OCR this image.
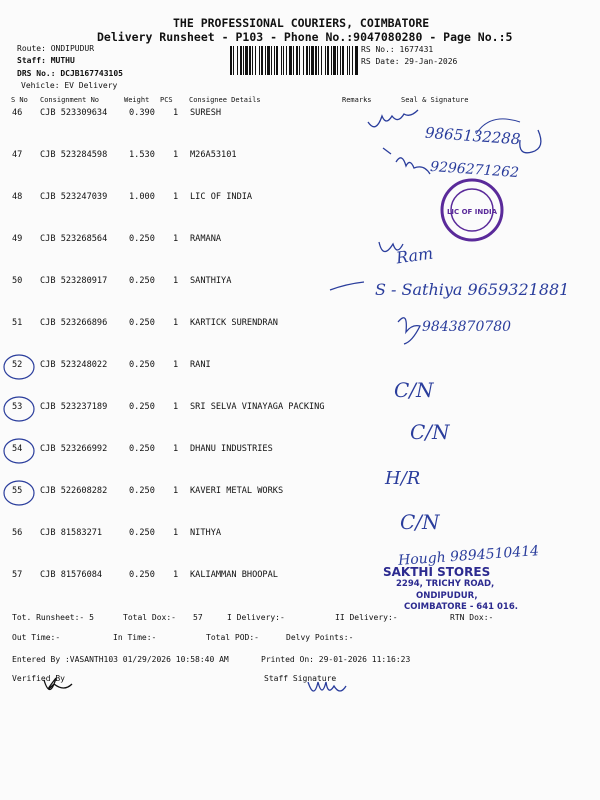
THE PROFESSIONAL COURIERS, COIMBATORE
Delivery Runsheet - P103 - Phone No.:9047080280 - Page No.:5
Route: ONDIPUDUR
Staff: MUTHU
DRS No.: DCJB167743105
Vehicle: EV Delivery
RS No.: 1677431
RS Date: 29-Jan-2026
S No Consignment No	Weight PCS Consignee Details	Remarks	Seal & Signature
46 CJB 523309634	0.390 1 SURESH
47 CJB 523284598	1.530 1 M26A53101
48 CJB 523247039	1.000 1 LIC OF INDIA
49 CJB 523268564	0.250 1 RAMANA
50 CJB 523280917	0.250 1 SANTHIYA
51 CJB 523266896	0.250 1 KARTICK SURENDRAN
52 CJB 523248022	0.250 1 RANI
53 CJB 523237189	0.250 1 SRI SELVA VINAYAGA PACKING
54 CJB 523266992	0.250 1 DHANU INDUSTRIES
55 CJB 522608282	0.250 1 KAVERI METAL WORKS
56 CJB 81583271	0.250 1 NITHYA
57 CJB 81576084	0.250 1 KALIAMMAN BHOOPAL
9865132288
9296271262
Ram
S - Sathiya 9659321881
9843870780
C/N
C/N
H/R
C/N
Hough 9894510414
LIC OF INDIA
SAKTHI STORES
2294, TRICHY ROAD,
ONDIPUDUR,
COIMBATORE - 641 016.
Tot. Runsheet:- 5	Total Dox:- 57	I Delivery:-	II Delivery:-	RTN Dox:-
Out Time:-	In Time:-	Total POD:-	Delvy Points:-
Entered By :VASANTH103 01/29/2026 10:58:40 AM	Printed On: 29-01-2026 11:16:23
Verified By	Staff Signature
